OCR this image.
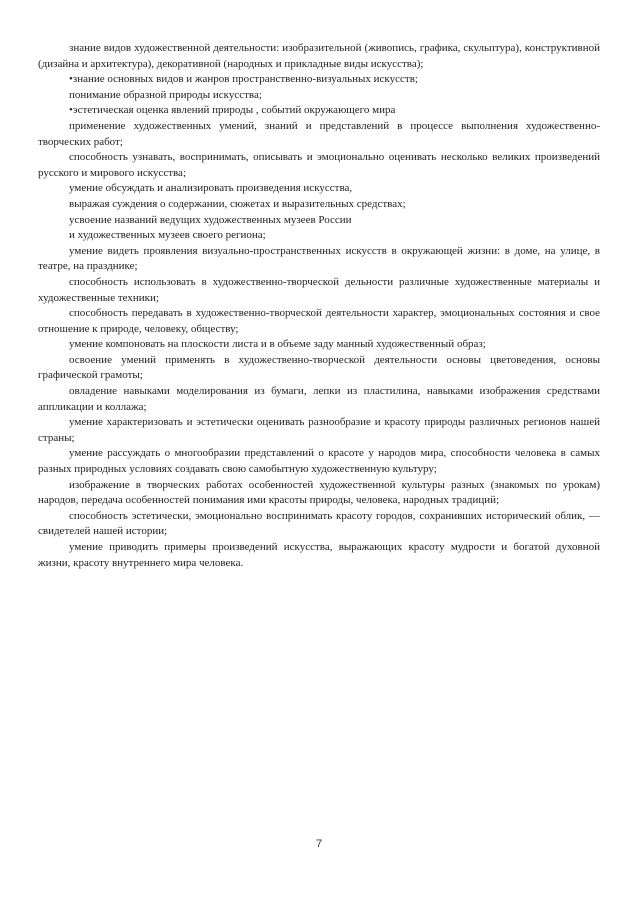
знание видов художественной деятельности: изобразительной (живопись, графика, скульптура), конструктивной (дизайна и архитектура), декоративной (народных и прикладные виды искусства);

•знание основных видов и жанров пространственно-визуальных искусств;

понимание образной природы искусства;

•эстетическая оценка явлений природы , событий окружающего мира

применение художественных умений, знаний и представлений в процессе выполнения художественно-творческих работ;

способность узнавать, воспринимать, описывать и эмоционально оценивать несколько великих произведений русского и мирового искусства;

умение обсуждать и анализировать произведения искусства,

выражая суждения о содержании, сюжетах и выразительных средствах;

усвоение названий ведущих художественных музеев России

и художественных музеев своего региона;

умение видеть проявления визуально-пространственных искусств в окружающей жизни: в доме, на улице, в театре, на празднике;

способность использовать в художественно-творческой дельности различные художественные материалы и художественные техники;

способность передавать в художественно-творческой деятельности характер, эмоциональных состояния и свое отношение к природе, человеку, обществу;

умение компоновать на плоскости листа и в объеме заду манный художественный образ;

освоение умений применять в художественно-творческой деятельности основы цветоведения, основы графической грамоты;

овладение навыками моделирования из бумаги, лепки из пластилина, навыками изображения средствами аппликации и коллажа;

умение характеризовать и эстетически оценивать разнообразие и красоту природы различных регионов нашей страны;

умение рассуждать о многообразии представлений о красоте у народов мира, способности человека в самых разных природных условиях создавать свою самобытную художественную культуру;

изображение в творческих работах особенностей художественной культуры разных (знакомых по урокам) народов, передача особенностей понимания ими красоты природы, человека, народных традиций;

способность эстетически, эмоционально воспринимать красоту городов, сохранивших исторический облик, — свидетелей нашей истории;

умение приводить примеры произведений искусства, выражающих красоту мудрости и богатой духовной жизни, красоту внутреннего мира человека.

7
